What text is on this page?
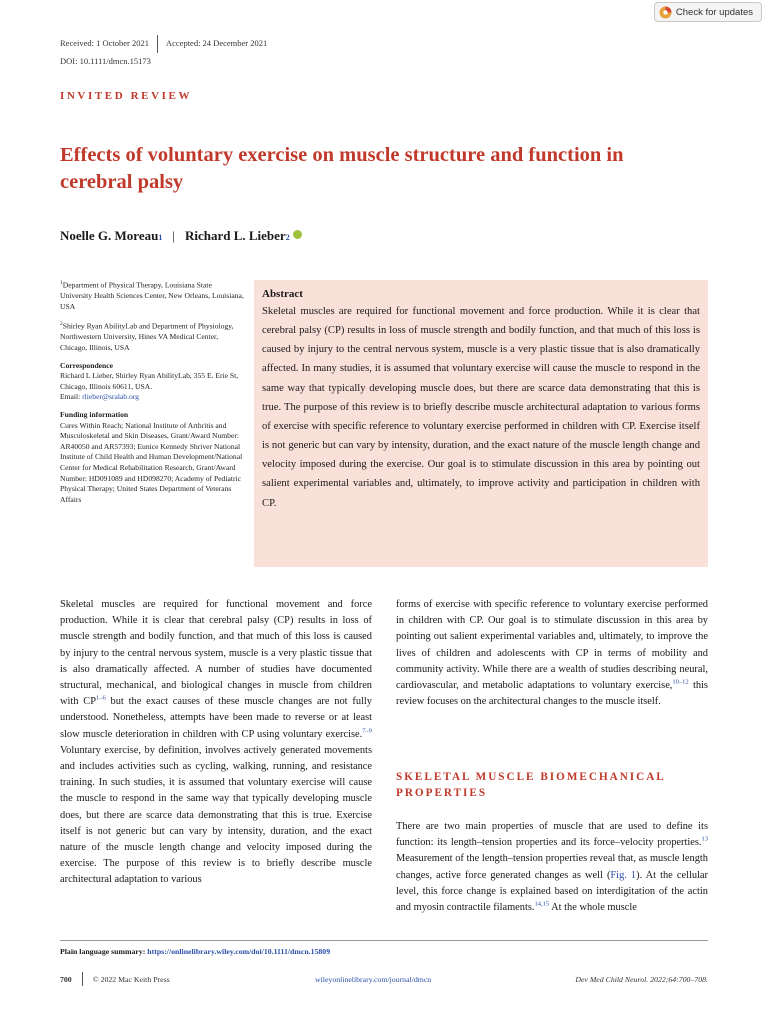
Check for updates
Received: 1 October 2021 Accepted: 24 December 2021
DOI: 10.1111/dmcn.15173
INVITED REVIEW
Effects of voluntary exercise on muscle structure and function in cerebral palsy
Noelle G. Moreau 1 | Richard L. Lieber 2

$^1$Department of Physical Therapy, Louisiana State University Health Sciences Center, New Orleans, Louisiana, USA

$^2$Shirley Ryan AbilityLab and Department of Physiology, Northwestern University, Hines VA Medical Center, Chicago, Illinois, USA

Correspondence

Richard L Lieber, Shirley Ryan AbilityLab, 355 E. Erie St, Chicago, Illinois 60611, USA.
Email: rlieber@sralab.org

Funding information

Cures Within Reach; National Institute of Arthritis and Musculoskeletal and Skin Diseases, Grant/Award Number: AR40050 and AR57393; Eunice Kennedy Shriver National Institute of Child Health and Human Development/National Center for Medical Rehabilitation Research, Grant/Award Number: HD091089 and HD098270; Academy of Pediatric Physical Therapy; United States Department of Veterans Affairs

Abstract

Skeletal muscles are required for functional movement and force production. While it is clear that cerebral palsy (CP) results in loss of muscle strength and bodily function, and that much of this loss is caused by injury to the central nervous system, muscle is a very plastic tissue that is also dramatically affected. In many studies, it is assumed that voluntary exercise will cause the muscle to respond in the same way that typically developing muscle does, but there are scarce data demonstrating that this is true. The purpose of this review is to briefly describe muscle architectural adaptation to various forms of exercise with specific reference to voluntary exercise performed in children with CP. Exercise itself is not generic but can vary by intensity, duration, and the exact nature of the muscle length change and velocity imposed during the exercise. Our goal is to stimulate discussion in this area by pointing out salient experimental variables and, ultimately, to improve activity and participation in children with CP.

Skeletal muscles are required for functional movement and force production. While it is clear that cerebral palsy (CP) results in loss of muscle strength and bodily function, and that much of this loss is caused by injury to the central nervous system, muscle is a very plastic tissue that is also dramatically affected. A number of studies have documented structural, mechanical, and biological changes in muscle from children with CP$^{1-6}$ but the exact causes of these muscle changes are not fully understood. Nonetheless, attempts have been made to reverse or at least slow muscle deterioration in children with CP using voluntary exercise.$^{7-9}$ Voluntary exercise, by definition, involves actively generated movements and includes activities such as cycling, walking, running, and resistance training. In such studies, it is assumed that voluntary exercise will cause the muscle to respond in the same way that typically developing muscle does, but there are scarce data demonstrating that this is true. Exercise itself is not generic but can vary by intensity, duration, and the exact nature of the muscle length change and velocity imposed during the exercise. The purpose of this review is to briefly describe muscle architectural adaptation to various

forms of exercise with specific reference to voluntary exercise performed in children with CP. Our goal is to stimulate discussion in this area by pointing out salient experimental variables and, ultimately, to improve the lives of children and adolescents with CP in terms of mobility and community activity. While there are a wealth of studies describing neural, cardiovascular, and metabolic adaptations to voluntary exercise,$^{10-12}$ this review focuses on the architectural changes to the muscle itself.

SKELETAL MUSCLE BIOMECHANICAL PROPERTIES

There are two main properties of muscle that are used to define its function: its length–tension properties and its force–velocity properties.$^{13}$ Measurement of the length–tension properties reveal that, as muscle length changes, active force generated changes as well (Fig. 1). At the cellular level, this force change is explained based on interdigitation of the actin and myosin contractile filaments.$^{14,15}$ At the whole muscle

Plain language summary: https://onlinelibrary.wiley.com/doi/10.1111/dmcn.15809
700	© 2022 Mac Keith Press	wileyonlinelibrary.com/journal/dmcn	Dev Med Child Neurol. 2022;64:700–708.
